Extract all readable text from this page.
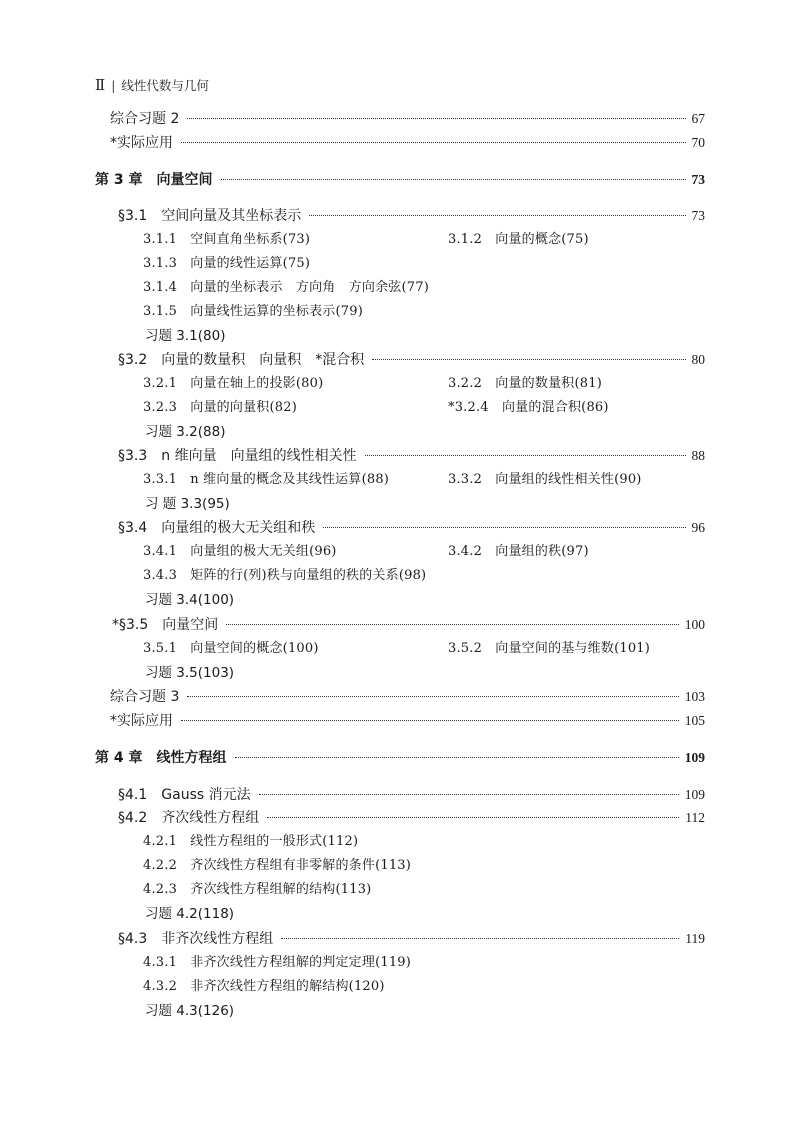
Ⅱ | 线性代数与几何
综合习题 2	67
*实际应用	70
第 3 章　向量空间	73
§3.1　空间向量及其坐标表示	73
3.1.1　空间直角坐标系(73)	3.1.2　向量的概念(75)
3.1.3　向量的线性运算(75)
3.1.4　向量的坐标表示　方向角　方向余弦(77)
3.1.5　向量线性运算的坐标表示(79)
习题 3.1(80)
§3.2　向量的数量积　向量积　*混合积	80
3.2.1　向量在轴上的投影(80)	3.2.2　向量的数量积(81)
3.2.3　向量的向量积(82)	*3.2.4　向量的混合积(86)
习题 3.2(88)
§3.3　n 维向量　向量组的线性相关性	88
3.3.1　n 维向量的概念及其线性运算(88)	3.3.2　向量组的线性相关性(90)
习 题 3.3(95)
§3.4　向量组的极大无关组和秩	96
3.4.1　向量组的极大无关组(96)	3.4.2　向量组的秩(97)
3.4.3　矩阵的行(列)秩与向量组的秩的关系(98)
习题 3.4(100)
*§3.5　向量空间	100
3.5.1　向量空间的概念(100)	3.5.2　向量空间的基与维数(101)
习题 3.5(103)
综合习题 3	103
*实际应用	105
第 4 章　线性方程组	109
§4.1　Gauss 消元法	109
§4.2　齐次线性方程组	112
4.2.1　线性方程组的一般形式(112)
4.2.2　齐次线性方程组有非零解的条件(113)
4.2.3　齐次线性方程组解的结构(113)
习题 4.2(118)
§4.3　非齐次线性方程组	119
4.3.1　非齐次线性方程组解的判定定理(119)
4.3.2　非齐次线性方程组的解结构(120)
习题 4.3(126)
